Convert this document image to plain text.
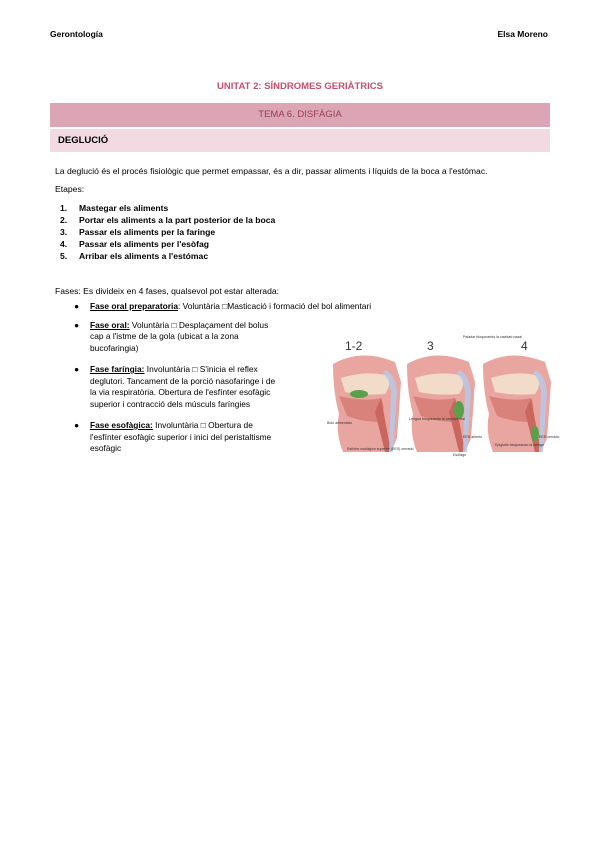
Gerontología	Elsa Moreno
UNITAT 2: SÍNDROMES GERIÀTRICS
TEMA 6. DISFÀGIA
DEGLUCIÓ
La deglució és el procés fisiològic que permet empassar, és a dir, passar aliments i líquids de la boca a l'estómac.
Etapes:
1. Mastegar els aliments
2. Portar els aliments a la part posterior de la boca
3. Passar els aliments per la faringe
4. Passar els aliments per l'esòfag
5. Arribar els aliments a l'estómac
Fases: Es divideix en 4 fases, qualsevol pot estar alterada:
● Fase oral preparatoria: Voluntària □Masticació i formació del bol alimentari
● Fase oral: Voluntària □ Desplaçament del bolus
cap a l'istme de la gola (ubicat a la zona
bucofaringia)
● Fase faríngia: Involuntària □ S'inicia el reflex
deglutori. Tancament de la porció nasofaringe i de
la via respiratòria. Obertura de l'esfínter esofàgic
superior i contracció dels músculs faríngies
● Fase esofàgica: Involuntària □ Obertura de
l'esfínter esofàgic superior i inici del peristaltisme
esofàgic
1-2	3	4
Paladar bloqueando la cavidad nasal
Bolo alimenticio
Esfínter esofágico superior (EES) cerrado
Lengua bloqueando la cavidad oral
EES abierto
Esófago
Epiglotis bloqueando la laringe
EES cerrado
